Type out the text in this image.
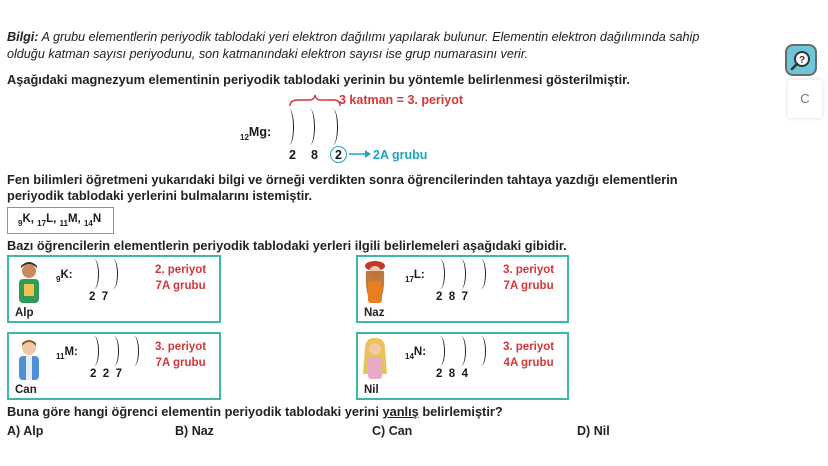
Bilgi: A grubu elementlerin periyodik tablodaki yeri elektron dağılımı yapılarak bulunur. Elementin elektron dağılımında sahip olduğu katman sayısı periyodunu, son katmanındaki elektron sayısı ise grup numarasını verir.	?
C
Aşağıdaki magnezyum elementinin periyodik tablodaki yerinin bu yöntemle belirlenmesi gösterilmiştir.
$_{12}$Mg:
3 katman = 3. periyot
2 8 2 2A grubu
Fen bilimleri öğretmeni yukarıdaki bilgi ve örneği verdikten sonra öğrencilerinden tahtaya yazdığı elementlerin periyodik tablodaki yerlerini bulmalarını istemiştir.
$_9$K, $_{17}$L, $_{11}$M, $_{14}$N
Bazı öğrencilerin elementlerin periyodik tablodaki yerleri ilgili belirlemeleri aşağıdaki gibidir.
Alp
$_9$K:
2  7
2. periyot
7A grubu
Naz
$_{17}$L:
2  8  7
3. periyot
7A grubu
Can
$_{11}$M:
2  2  7
3. periyot
7A grubu
Nil
$_{14}$N:
2  8  4
3. periyot
4A grubu
Buna göre hangi öğrenci elementin periyodik tablodaki yerini yanlış belirlemiştir?
A) Alp	B) Naz	C) Can	D) Nil
